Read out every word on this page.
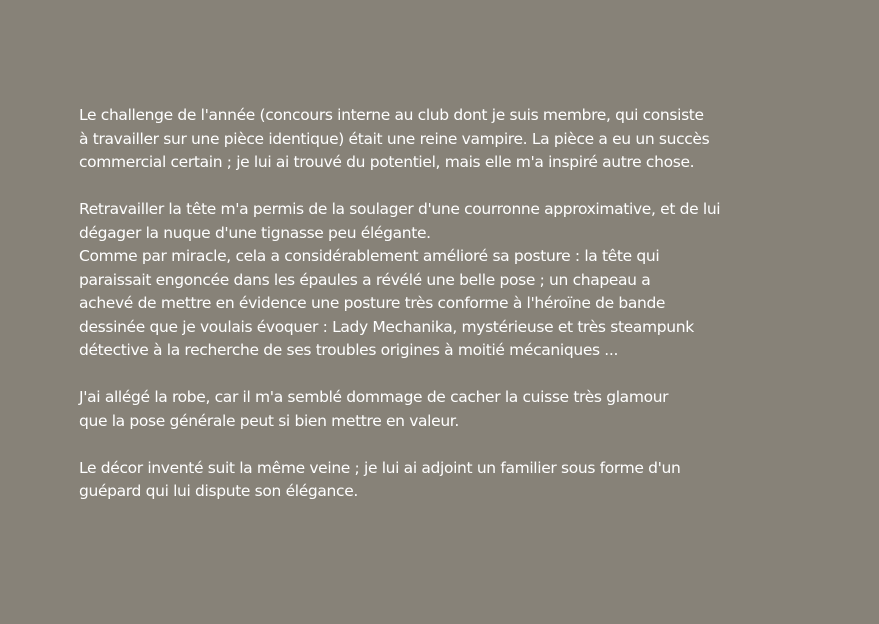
Le challenge de l'année (concours interne au club dont je suis membre, qui consiste
à travailler sur une pièce identique) était une reine vampire. La pièce a eu un succès
commercial certain ; je lui ai trouvé du potentiel, mais elle m'a inspiré autre chose.

Retravailler la tête m'a permis de la soulager d'une courronne approximative, et de lui
dégager la nuque d'une tignasse peu élégante.
Comme par miracle, cela a considérablement amélioré sa posture : la tête qui
paraissait engoncée dans les épaules a révélé une belle pose ; un chapeau a
achevé de mettre en évidence une posture très conforme à l'héroïne de bande
dessinée que je voulais évoquer : Lady Mechanika, mystérieuse et très steampunk
détective à la recherche de ses troubles origines à moitié mécaniques ...

J'ai allégé la robe, car il m'a semblé dommage de cacher la cuisse très glamour
que la pose générale peut si bien mettre en valeur.

Le décor inventé suit la même veine ; je lui ai adjoint un familier sous forme d'un
guépard qui lui dispute son élégance.
